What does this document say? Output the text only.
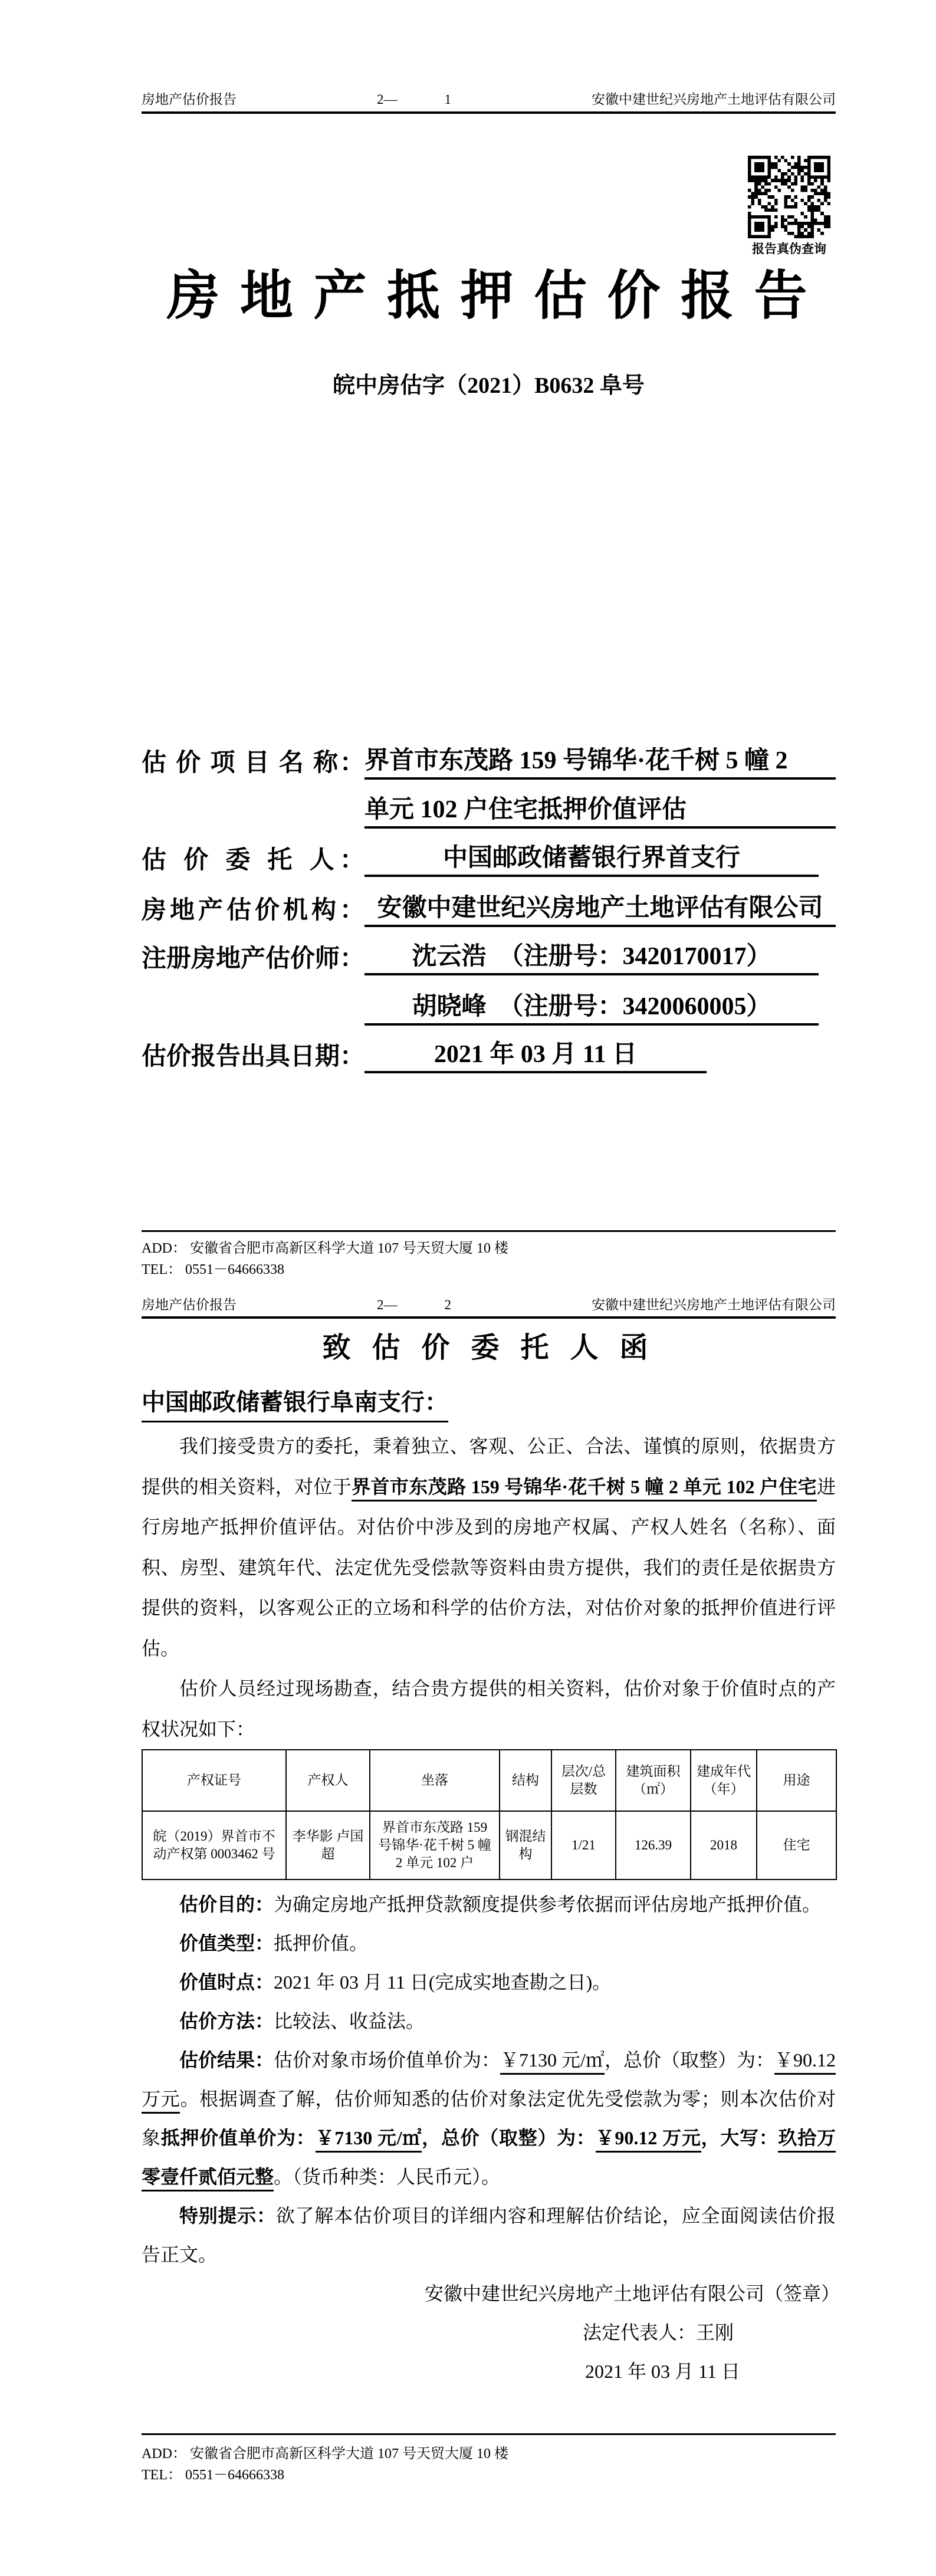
房地产估价报告	2—	1	安徽中建世纪兴房地产土地评估有限公司
报告真伪查询
房 地 产 抵 押 估 价 报 告
皖中房估字（2021）B0632 阜号
估 价 项 目 名 称： 界首市东茂路 159 号锦华·花千树 5 幢 2
单元 102 户住宅抵押价值评估
估 价 委 托 人：	中国邮政储蓄银行界首支行
房地产估价机构： 安徽中建世纪兴房地产土地评估有限公司
注册房地产估价师：	沈云浩　（注册号：3420170017）
胡晓峰　（注册号：3420060005）
估价报告出具日期：	2021 年 03 月 11 日
ADD： 安徽省合肥市高新区科学大道 107 号天贸大厦 10 楼
TEL： 0551－64666338
房地产估价报告	2—	2	安徽中建世纪兴房地产土地评估有限公司
致 估 价 委 托 人 函
中国邮政储蓄银行阜南支行：

我们接受贵方的委托，秉着独立、客观、公正、合法、谨慎的原则，依据贵方提供的相关资料，对位于界首市东茂路 159 号锦华·花千树 5 幢 2 单元 102 户住宅进行房地产抵押价值评估。对估价中涉及到的房地产权属、产权人姓名（名称）、面积、房型、建筑年代、法定优先受偿款等资料由贵方提供，我们的责任是依据贵方提供的资料，以客观公正的立场和科学的估价方法，对估价对象的抵押价值进行评估。

估价人员经过现场勘查，结合贵方提供的相关资料，估价对象于价值时点的产权状况如下：

产权证号	产权人	坐落	结构	层次/总层数	建筑面积（㎡）	建成年代（年）	用途
皖（2019）界首市不动产权第 0003462 号	李华影 卢国超	界首市东茂路 159 号锦华·花千树 5 幢 2 单元 102 户	钢混结构	1/21	126.39	2018	住宅

估价目的：为确定房地产抵押贷款额度提供参考依据而评估房地产抵押价值。

价值类型：抵押价值。

价值时点：2021 年 03 月 11 日(完成实地查勘之日)。

估价方法：比较法、收益法。

估价结果：估价对象市场价值单价为：￥7130 元/㎡，总价（取整）为：￥90.12 万元。根据调查了解，估价师知悉的估价对象法定优先受偿款为零；则本次估价对象抵押价值单价为：￥7130 元/㎡，总价（取整）为：￥90.12 万元，大写：玖拾万零壹仟贰佰元整。（货币种类：人民币元）。

特别提示：欲了解本估价项目的详细内容和理解估价结论，应全面阅读估价报告正文。

安徽中建世纪兴房地产土地评估有限公司（签章）

法定代表人：王刚

2021 年 03 月 11 日

ADD： 安徽省合肥市高新区科学大道 107 号天贸大厦 10 楼
TEL： 0551－64666338
